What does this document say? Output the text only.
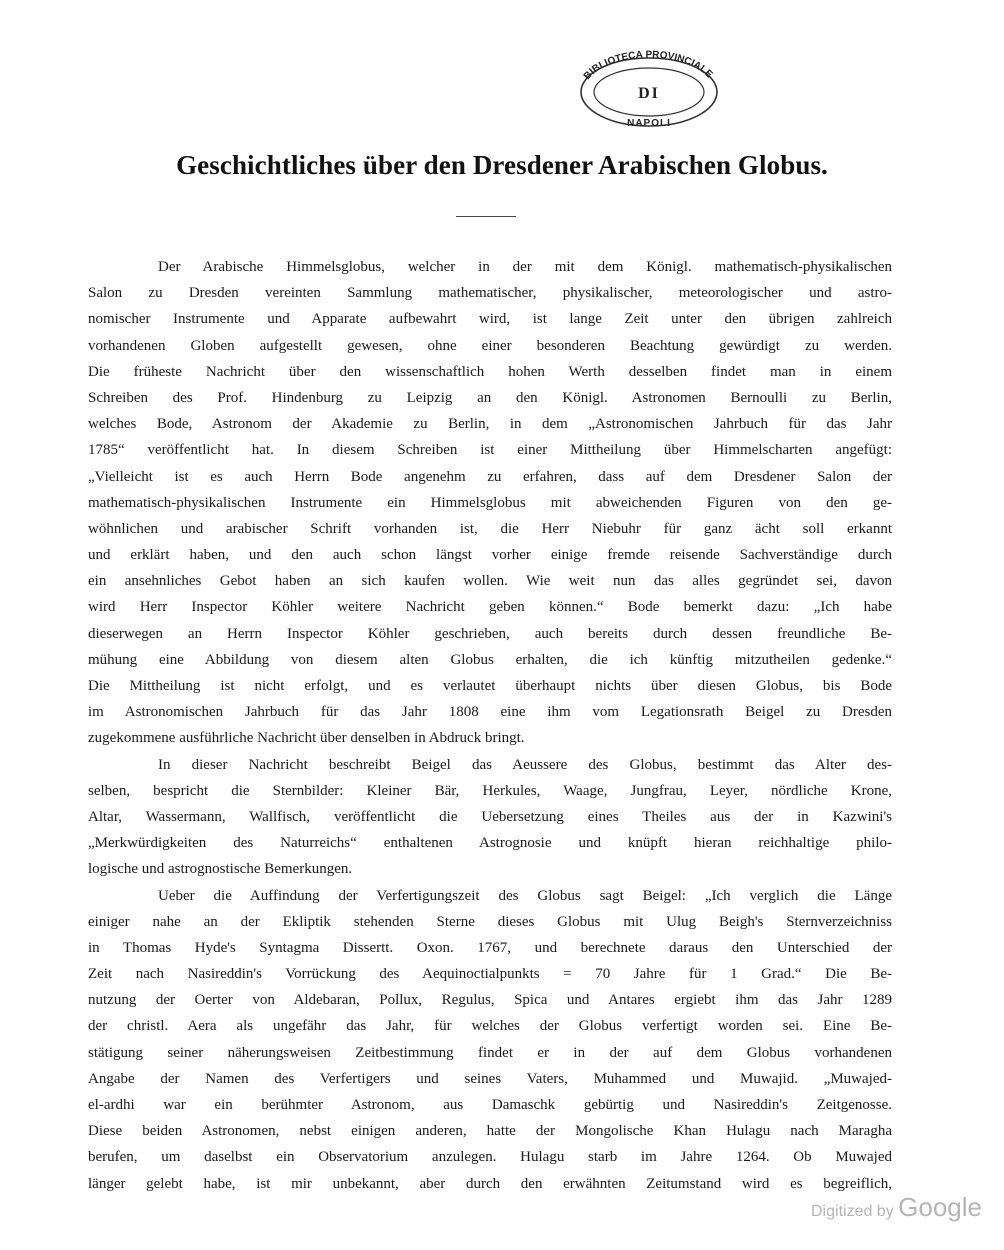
BIBLIOTECA PROVINCIALE
DI
NAPOLI
Geschichtliches über den Dresdener Arabischen Globus.
Der Arabische Himmelsglobus, welcher in der mit dem Königl. mathematisch-physikalischen
Salon zu Dresden vereinten Sammlung mathematischer, physikalischer, meteorologischer und astro-
nomischer Instrumente und Apparate aufbewahrt wird, ist lange Zeit unter den übrigen zahlreich
vorhandenen Globen aufgestellt gewesen, ohne einer besonderen Beachtung gewürdigt zu werden.
Die früheste Nachricht über den wissenschaftlich hohen Werth desselben findet man in einem
Schreiben des Prof. Hindenburg zu Leipzig an den Königl. Astronomen Bernoulli zu Berlin,
welches Bode, Astronom der Akademie zu Berlin, in dem „Astronomischen Jahrbuch für das Jahr
1785“ veröffentlicht hat. In diesem Schreiben ist einer Mittheilung über Himmelscharten angefügt:
„Vielleicht ist es auch Herrn Bode angenehm zu erfahren, dass auf dem Dresdener Salon der
mathematisch-physikalischen Instrumente ein Himmelsglobus mit abweichenden Figuren von den ge-
wöhnlichen und arabischer Schrift vorhanden ist, die Herr Niebuhr für ganz ächt soll erkannt
und erklärt haben, und den auch schon längst vorher einige fremde reisende Sachverständige durch
ein ansehnliches Gebot haben an sich kaufen wollen. Wie weit nun das alles gegründet sei, davon
wird Herr Inspector Köhler weitere Nachricht geben können.“ Bode bemerkt dazu: „Ich habe
dieserwegen an Herrn Inspector Köhler geschrieben, auch bereits durch dessen freundliche Be-
mühung eine Abbildung von diesem alten Globus erhalten, die ich künftig mitzutheilen gedenke.“
Die Mittheilung ist nicht erfolgt, und es verlautet überhaupt nichts über diesen Globus, bis Bode
im Astronomischen Jahrbuch für das Jahr 1808 eine ihm vom Legationsrath Beigel zu Dresden
zugekommene ausführliche Nachricht über denselben in Abdruck bringt.
In dieser Nachricht beschreibt Beigel das Aeussere des Globus, bestimmt das Alter des-
selben, bespricht die Sternbilder: Kleiner Bär, Herkules, Waage, Jungfrau, Leyer, nördliche Krone,
Altar, Wassermann, Wallfisch, veröffentlicht die Uebersetzung eines Theiles aus der in Kazwini's
„Merkwürdigkeiten des Naturreichs“ enthaltenen Astrognosie und knüpft hieran reichhaltige philo-
logische und astrognostische Bemerkungen.
Ueber die Auffindung der Verfertigungszeit des Globus sagt Beigel: „Ich verglich die Länge
einiger nahe an der Ekliptik stehenden Sterne dieses Globus mit Ulug Beigh's Sternverzeichniss
in Thomas Hyde's Syntagma Dissertt. Oxon. 1767, und berechnete daraus den Unterschied der
Zeit nach Nasireddin's Vorrückung des Aequinoctialpunkts = 70 Jahre für 1 Grad.“ Die Be-
nutzung der Oerter von Aldebaran, Pollux, Regulus, Spica und Antares ergiebt ihm das Jahr 1289
der christl. Aera als ungefähr das Jahr, für welches der Globus verfertigt worden sei. Eine Be-
stätigung seiner näherungsweisen Zeitbestimmung findet er in der auf dem Globus vorhandenen
Angabe der Namen des Verfertigers und seines Vaters, Muhammed und Muwajid. „Muwajed-
el-ardhi war ein berühmter Astronom, aus Damaschk gebürtig und Nasireddin's Zeitgenosse.
Diese beiden Astronomen, nebst einigen anderen, hatte der Mongolische Khan Hulagu nach Maragha
berufen, um daselbst ein Observatorium anzulegen. Hulagu starb im Jahre 1264. Ob Muwajed
länger gelebt habe, ist mir unbekannt, aber durch den erwähnten Zeitumstand wird es begreiflich,
Digitized by Google
